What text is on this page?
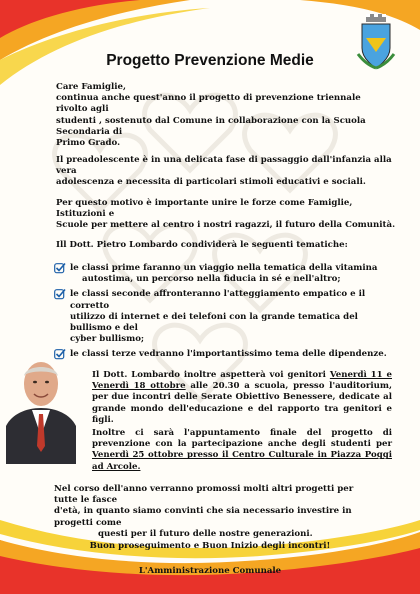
Progetto Prevenzione Medie
Care Famiglie,
continua anche quest'anno il progetto di prevenzione triennale rivolto agli
studenti , sostenuto dal Comune in collaborazione con la Scuola Secondaria di
Primo Grado.
Il preadolescente è in una delicata fase di passaggio dall'infanzia alla vera
adolescenza e necessita di particolari stimoli educativi e sociali.
Per questo motivo è importante unire le forze come Famiglie, Istituzioni e
Scuole per mettere al centro i nostri ragazzi, il futuro della Comunità.
Ill Dott. Pietro Lombardo condividerà le seguenti tematiche:
le classi prime faranno un viaggio nella tematica della vitamina
autostima, un percorso nella fiducia in sé e nell'altro;
le classi seconde affronteranno l'atteggiamento empatico e il corretto
utilizzo di internet e dei telefoni con la grande tematica del bullismo e del
cyber bullismo;
le classi terze vedranno l'importantissimo tema delle dipendenze.
Il Dott. Lombardo inoltre aspetterà voi genitori Venerdì 11 e Venerdì 18 ottobre alle 20.30 a scuola, presso l'auditorium, per due incontri delle Serate Obiettivo Benessere, dedicate al grande mondo dell'educazione e del rapporto tra genitori e figli.
Inoltre ci sarà l'appuntamento finale del progetto di prevenzione con la partecipazione anche degli studenti per Venerdì 25 ottobre presso il Centro Culturale in Piazza Poggi ad Arcole.
Nel corso dell'anno verranno promossi molti altri progetti per tutte le fasce
d'età, in quanto siamo convinti che sia necessario investire in progetti come
questi per il futuro delle nostre generazioni.
Buon proseguimento e Buon Inizio degli incontri!
L'Amministrazione Comunale
